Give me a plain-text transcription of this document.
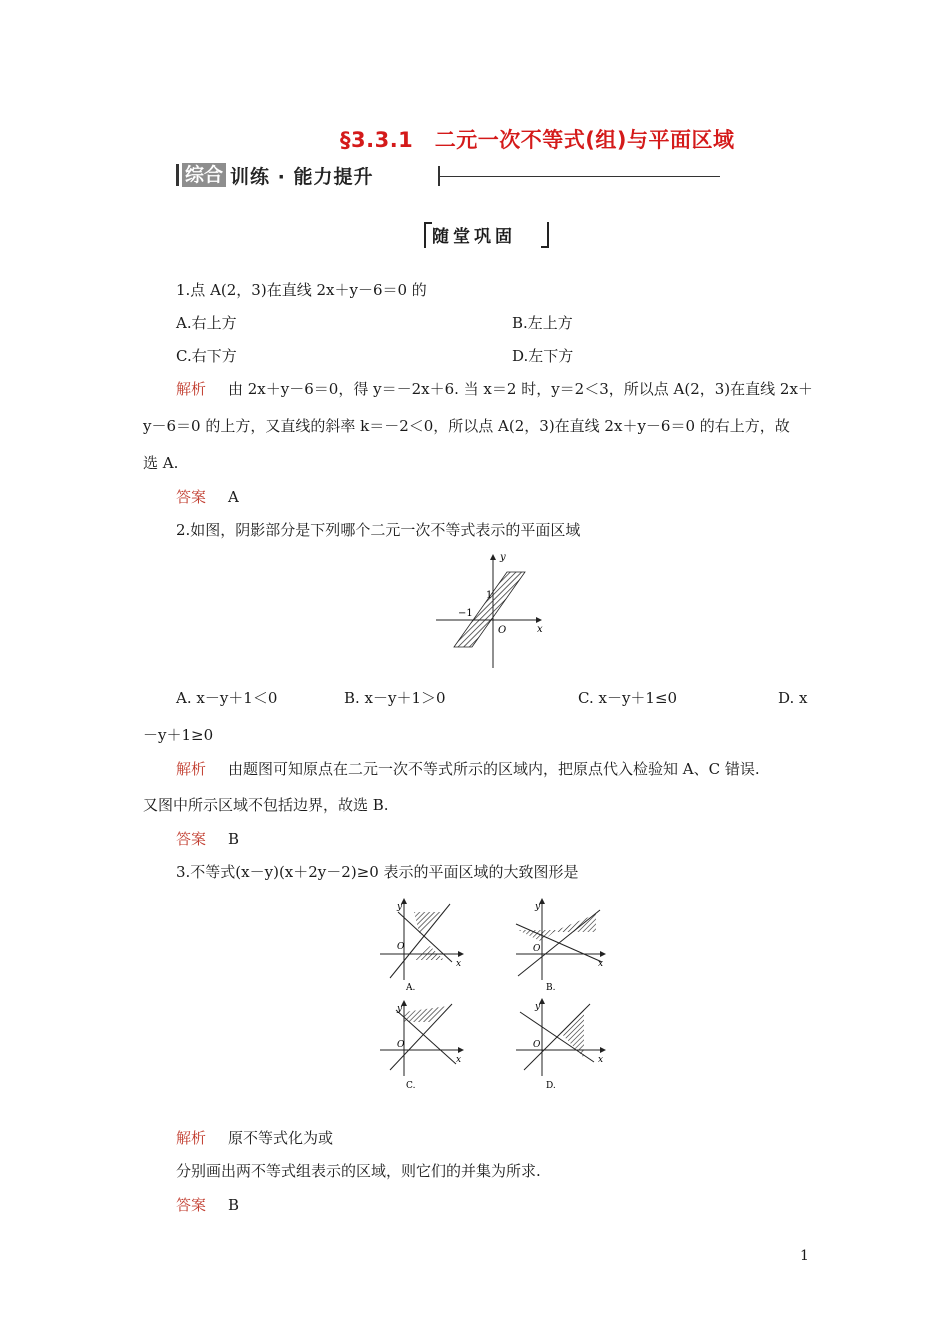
§3.3.1　二元一次不等式(组)与平面区域
综合 训练 · 能力提升
随堂巩固
1.点 A(2，3)在直线 2x＋y－6＝0 的
A.右上方	B.左上方
C.右下方	D.左下方
解析 由 2x＋y－6＝0，得 y＝－2x＋6. 当 x＝2 时，y＝2＜3，所以点 A(2，3)在直线 2x＋
y－6＝0 的上方，又直线的斜率 k＝－2＜0，所以点 A(2，3)在直线 2x＋y－6＝0 的右上方，故
选 A.
答案 A
2.如图，阴影部分是下列哪个二元一次不等式表示的平面区域
y
x
O
1
−1
A. x－y＋1＜0	B. x－y＋1＞0	C. x－y＋1≤0	D. x
－y＋1≥0
解析 由题图可知原点在二元一次不等式所示的区域内，把原点代入检验知 A、C 错误.
又图中所示区域不包括边界，故选 B.
答案 B
3.不等式(x－y)(x＋2y－2)≥0 表示的平面区域的大致图形是
y
x
O
A.
y
x
O
B.
y
x
O
C.
y
x
O
D.
解析 原不等式化为或
分别画出两不等式组表示的区域，则它们的并集为所求.
答案 B
1
